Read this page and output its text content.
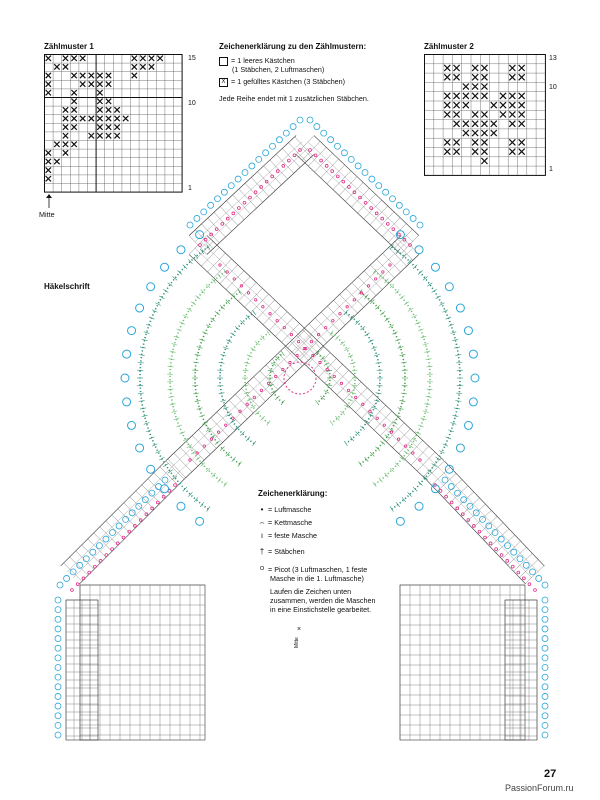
Zählmuster 1
15
10
1
Mitte
Zeichenerklärung zu den Zählmustern:
= 1 leeres Kästchen
(1 Stäbchen, 2 Luftmaschen)
X = 1 gefülltes Kästchen (3 Stäbchen)
Jede Reihe endet mit 1 zusätzlichen Stäbchen.
Zählmuster 2
13
10
1
Häkelschrift
Zeichenerklärung:
• = Luftmasche
⌢ = Kettmasche
ı = feste Masche
† = Stäbchen
ᴼ = Picot (3 Luftmaschen, 1 feste
Masche in die 1. Luftmasche)
Laufen die Zeichen unten
zusammen, werden die Maschen
in eine Einstichstelle gearbeitet.
×
Mitte
27
PassionForum.ru
